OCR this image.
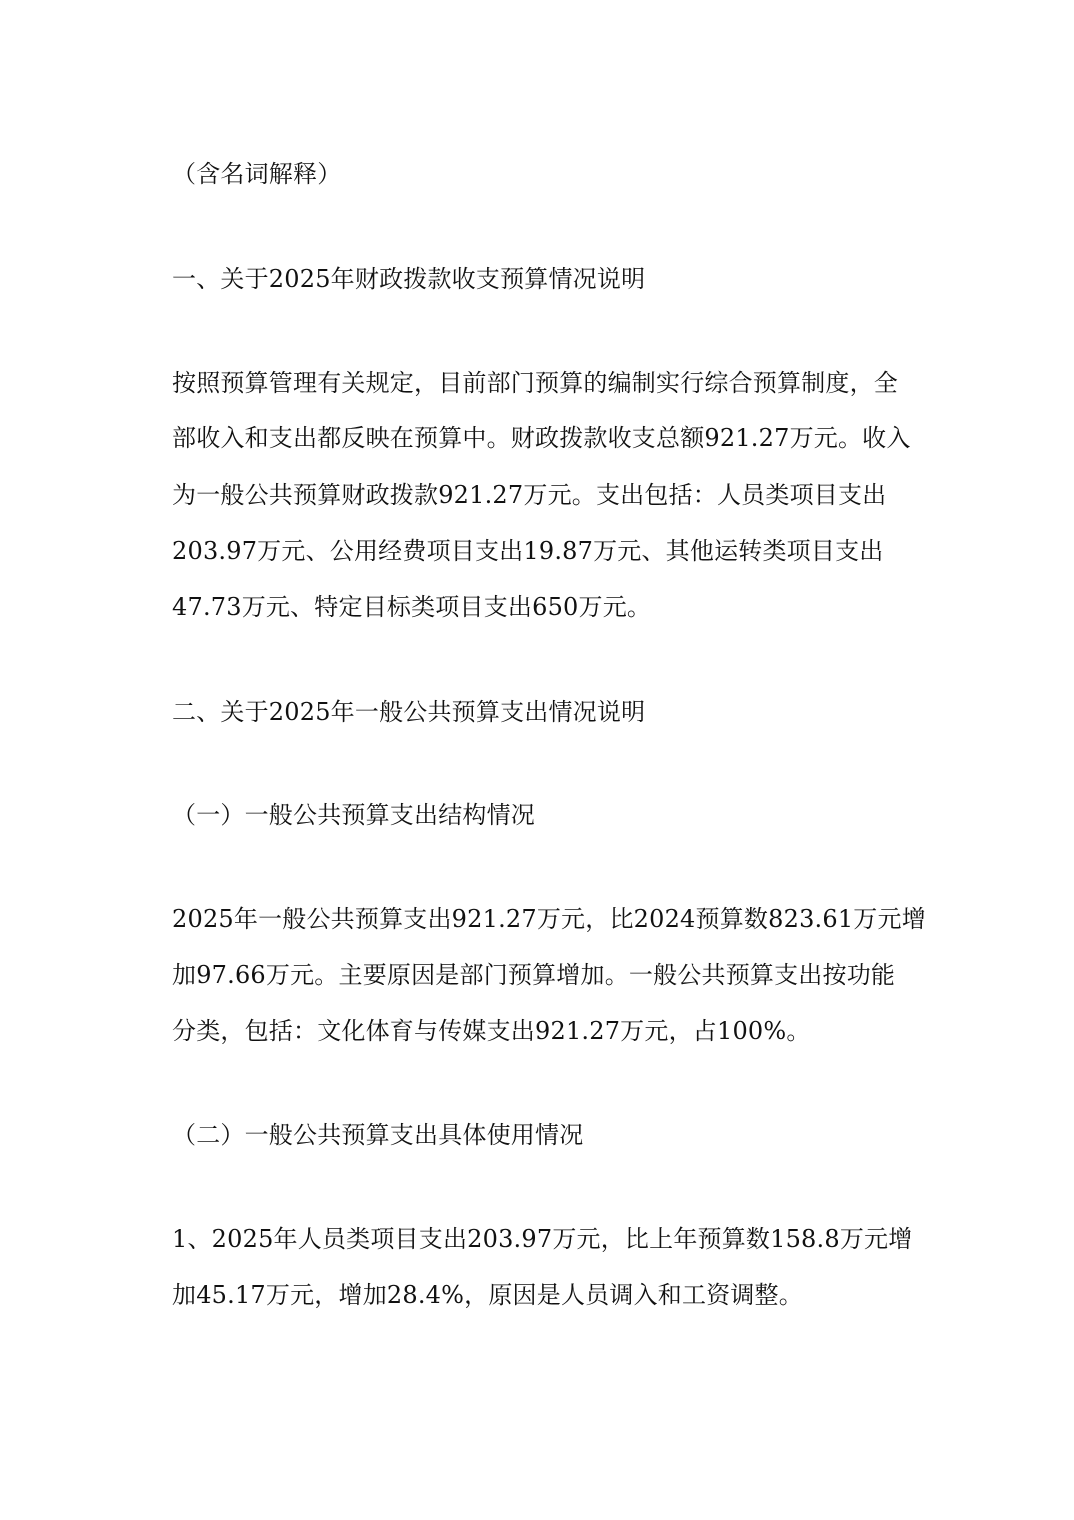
（含名词解释）
一、关于2025年财政拨款收支预算情况说明
按照预算管理有关规定，目前部门预算的编制实行综合预算制度，全
部收入和支出都反映在预算中。财政拨款收支总额921.27万元。收入
为一般公共预算财政拨款921.27万元。支出包括：人员类项目支出
203.97万元、公用经费项目支出19.87万元、其他运转类项目支出
47.73万元、特定目标类项目支出650万元。
二、关于2025年一般公共预算支出情况说明
（一）一般公共预算支出结构情况
2025年一般公共预算支出921.27万元，比2024预算数823.61万元增
加97.66万元。主要原因是部门预算增加。一般公共预算支出按功能
分类，包括：文化体育与传媒支出921.27万元，占100%。
（二）一般公共预算支出具体使用情况
1、2025年人员类项目支出203.97万元，比上年预算数158.8万元增
加45.17万元，增加28.4%，原因是人员调入和工资调整。
